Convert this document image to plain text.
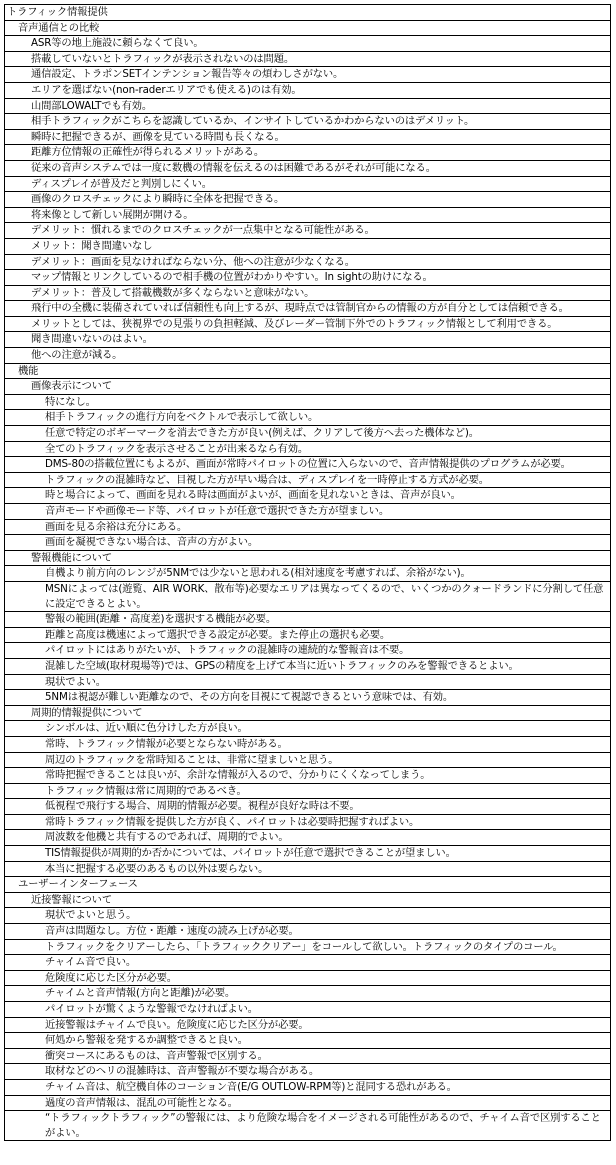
トラフィック情報提供
音声通信との比較
ASR等の地上施設に頼らなくて良い。
搭載していないとトラフィックが表示されないのは問題。
通信設定、トラポンSETインテンション報告等々の煩わしさがない。
エリアを選ばない(non-raderエリアでも使える)のは有効。
山間部LOWALTでも有効。
相手トラフィックがこちらを認識しているか、インサイトしているかわからないのはデメリット。
瞬時に把握できるが、画像を見ている時間も長くなる。
距離方位情報の正確性が得られるメリットがある。
従来の音声システムでは一度に数機の情報を伝えるのは困難であるがそれが可能になる。
ディスプレイが普及だと判別しにくい。
画像のクロスチェックにより瞬時に全体を把握できる。
将来像として新しい展開が開ける。
デメリット：慣れるまでのクロスチェックが一点集中となる可能性がある。
メリット：聞き間違いなし
デメリット：画面を見なければならない分、他への注意が少なくなる。
マップ情報とリンクしているので相手機の位置がわかりやすい。In sightの助けになる。
デメリット：普及して搭載機数が多くならないと意味がない。
飛行中の全機に装備されていれば信頼性も向上するが、現時点では管制官からの情報の方が自分としては信頼できる。
メリットとしては、狭視界での見張りの負担軽減、及びレーダー管制下外でのトラフィック情報として利用できる。
聞き間違いないのはよい。
他への注意が減る。
機能
画像表示について
特になし。
相手トラフィックの進行方向をベクトルで表示して欲しい。
任意で特定のボギーマークを消去できた方が良い(例えば、クリアして後方へ去った機体など)。
全てのトラフィックを表示させることが出来るなら有効。
DMS-80の搭載位置にもよるが、画面が常時パイロットの位置に入らないので、音声情報提供のプログラムが必要。
トラフィックの混雑時など、目視した方が早い場合は、ディスプレイを一時停止する方式が必要。
時と場合によって、画面を見れる時は画面がよいが、画面を見れないときは、音声が良い。
音声モードや画像モード等、パイロットが任意で選択できた方が望ましい。
画面を見る余裕は充分にある。
画面を凝視できない場合は、音声の方がよい。
警報機能について
自機より前方向のレンジが5NMでは少ないと思われる(相対速度を考慮すれば、余裕がない)。
MSNによっては(遊覧、AIR WORK、散布等)必要なエリアは異なってくるので、いくつかのクォードランドに分割して任意に設定できるとよい。
警報の範囲(距離・高度差)を選択する機能が必要。
距離と高度は機速によって選択できる設定が必要。また停止の選択も必要。
パイロットにはありがたいが、トラフィックの混雑時の連続的な警報音は不要。
混雑した空域(取材現場等)では、GPSの精度を上げて本当に近いトラフィックのみを警報できるとよい。
現状でよい。
5NMは視認が難しい距離なので、その方向を目視にて視認できるという意味では、有効。
周期的情報提供について
シンボルは、近い順に色分けした方が良い。
常時、トラフィック情報が必要とならない時がある。
周辺のトラフィックを常時知ることは、非常に望ましいと思う。
常時把握できることは良いが、余計な情報が入るので、分かりにくくなってしまう。
トラフィック情報は常に周期的であるべき。
低視程で飛行する場合、周期的情報が必要。視程が良好な時は不要。
常時トラフィック情報を提供した方が良く、パイロットは必要時把握すればよい。
周波数を他機と共有するのであれば、周期的でよい。
TIS情報提供が周期的か否かについては、パイロットが任意で選択できることが望ましい。
本当に把握する必要のあるもの以外は要らない。
ユーザーインターフェース
近接警報について
現状でよいと思う。
音声は問題なし。方位・距離・速度の読み上げが必要。
トラフィックをクリアーしたら、「トラフィッククリアー」をコールして欲しい。トラフィックのタイプのコール。
チャイム音で良い。
危険度に応じた区分が必要。
チャイムと音声情報(方向と距離)が必要。
パイロットが驚くような警報でなければよい。
近接警報はチャイムで良い。危険度に応じた区分が必要。
何処から警報を発するか調整できると良い。
衝突コースにあるものは、音声警報で区別する。
取材などのヘリの混雑時は、音声警報が不要な場合がある。
チャイム音は、航空機自体のコーション音(E/G OUTLOW-RPM等)と混同する恐れがある。
過度の音声情報は、混乱の可能性となる。
“トラフィックトラフィック”の警報には、より危険な場合をイメージされる可能性があるので、チャイム音で区別することがよい。
